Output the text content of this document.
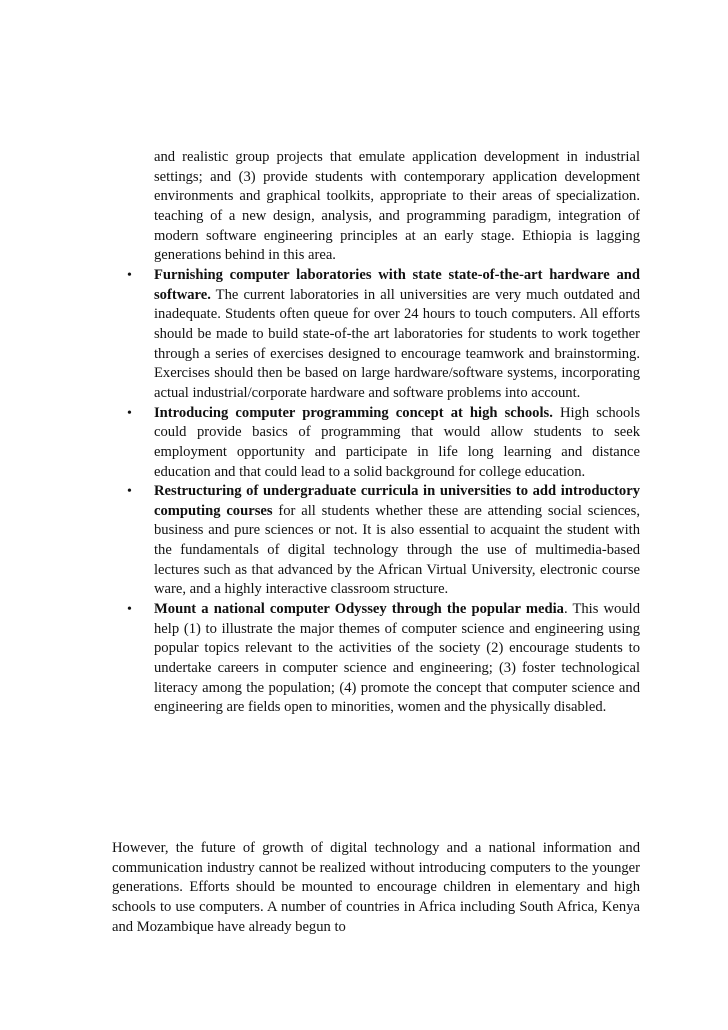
and realistic group projects that emulate application development in industrial settings; and (3) provide students with contemporary application development environments and graphical toolkits, appropriate to their areas of specialization. teaching of a new design, analysis, and programming paradigm, integration of modern software engineering principles at an early stage. Ethiopia is lagging generations behind in this area.
• Furnishing computer laboratories with state state-of-the-art hardware and software. The current laboratories in all universities are very much outdated and inadequate. Students often queue for over 24 hours to touch computers. All efforts should be made to build state-of-the art laboratories for students to work together through a series of exercises designed to encourage teamwork and brainstorming. Exercises should then be based on large hardware/software systems, incorporating actual industrial/corporate hardware and software problems into account.
• Introducing computer programming concept at high schools. High schools could provide basics of programming that would allow students to seek employment opportunity and participate in life long learning and distance education and that could lead to a solid background for college education.
• Restructuring of undergraduate curricula in universities to add introductory computing courses for all students whether these are attending social sciences, business and pure sciences or not. It is also essential to acquaint the student with the fundamentals of digital technology through the use of multimedia-based lectures such as that advanced by the African Virtual University, electronic course ware, and a highly interactive classroom structure.
• Mount a national computer Odyssey through the popular media. This would help (1) to illustrate the major themes of computer science and engineering using popular topics relevant to the activities of the society (2) encourage students to undertake careers in computer science and engineering; (3) foster technological literacy among the population; (4) promote the concept that computer science and engineering are fields open to minorities, women and the physically disabled.

However, the future of growth of digital technology and a national information and communication industry cannot be realized without introducing computers to the younger generations. Efforts should be mounted to encourage children in elementary and high schools to use computers. A number of countries in Africa including South Africa, Kenya and Mozambique have already begun to
